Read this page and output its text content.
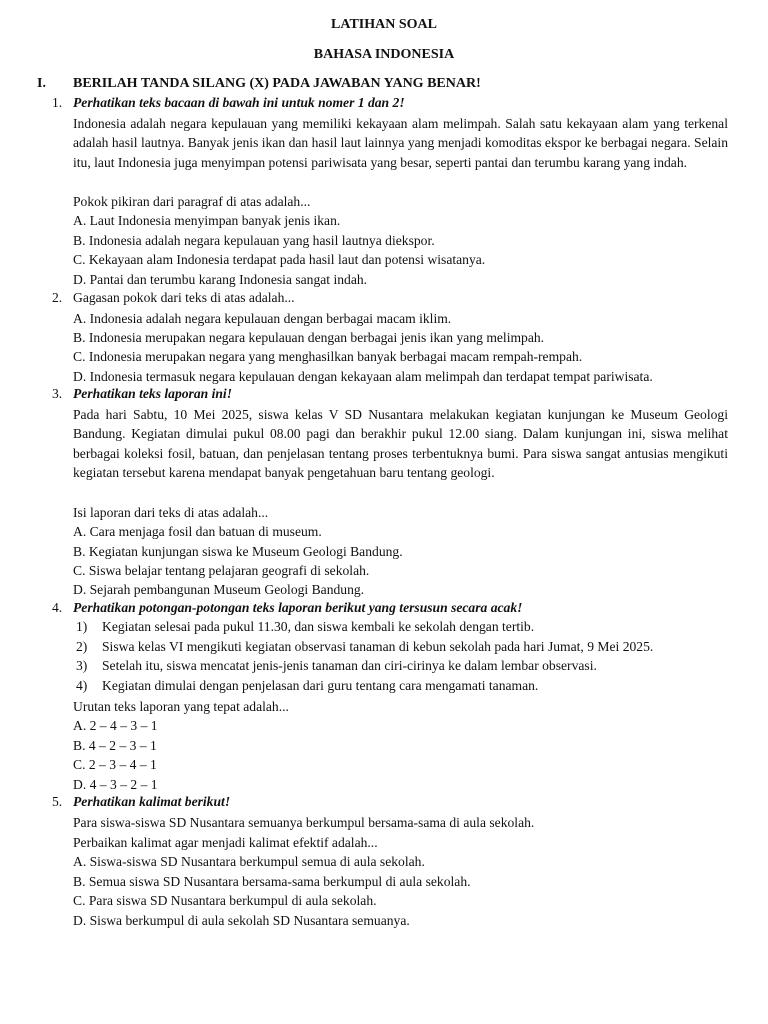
LATIHAN SOAL
BAHASA INDONESIA
I. BERILAH TANDA SILANG (X) PADA JAWABAN YANG BENAR!
1. Perhatikan teks bacaan di bawah ini untuk nomer 1 dan 2!
Indonesia adalah negara kepulauan yang memiliki kekayaan alam melimpah. Salah satu kekayaan alam yang terkenal adalah hasil lautnya. Banyak jenis ikan dan hasil laut lainnya yang menjadi komoditas ekspor ke berbagai negara. Selain itu, laut Indonesia juga menyimpan potensi pariwisata yang besar, seperti pantai dan terumbu karang yang indah.
Pokok pikiran dari paragraf di atas adalah...
A. Laut Indonesia menyimpan banyak jenis ikan.
B. Indonesia adalah negara kepulauan yang hasil lautnya diekspor.
C. Kekayaan alam Indonesia terdapat pada hasil laut dan potensi wisatanya.
D. Pantai dan terumbu karang Indonesia sangat indah.
2. Gagasan pokok dari teks di atas adalah...
A. Indonesia adalah negara kepulauan dengan berbagai macam iklim.
B. Indonesia merupakan negara kepulauan dengan berbagai jenis ikan yang melimpah.
C. Indonesia merupakan negara yang menghasilkan banyak berbagai macam rempah-rempah.
D. Indonesia termasuk negara kepulauan dengan kekayaan alam melimpah dan terdapat tempat pariwisata.
3. Perhatikan teks laporan ini!
Pada hari Sabtu, 10 Mei 2025, siswa kelas V SD Nusantara melakukan kegiatan kunjungan ke Museum Geologi Bandung. Kegiatan dimulai pukul 08.00 pagi dan berakhir pukul 12.00 siang. Dalam kunjungan ini, siswa melihat berbagai koleksi fosil, batuan, dan penjelasan tentang proses terbentuknya bumi. Para siswa sangat antusias mengikuti kegiatan tersebut karena mendapat banyak pengetahuan baru tentang geologi.
Isi laporan dari teks di atas adalah...
A. Cara menjaga fosil dan batuan di museum.
B. Kegiatan kunjungan siswa ke Museum Geologi Bandung.
C. Siswa belajar tentang pelajaran geografi di sekolah.
D. Sejarah pembangunan Museum Geologi Bandung.
4. Perhatikan potongan-potongan teks laporan berikut yang tersusun secara acak!
1) Kegiatan selesai pada pukul 11.30, dan siswa kembali ke sekolah dengan tertib.
2) Siswa kelas VI mengikuti kegiatan observasi tanaman di kebun sekolah pada hari Jumat, 9 Mei 2025.
3) Setelah itu, siswa mencatat jenis-jenis tanaman dan ciri-cirinya ke dalam lembar observasi.
4) Kegiatan dimulai dengan penjelasan dari guru tentang cara mengamati tanaman.
Urutan teks laporan yang tepat adalah...
A. 2 – 4 – 3 – 1
B. 4 – 2 – 3 – 1
C. 2 – 3 – 4 – 1
D. 4 – 3 – 2 – 1
5. Perhatikan kalimat berikut!
Para siswa-siswa SD Nusantara semuanya berkumpul bersama-sama di aula sekolah.
Perbaikan kalimat agar menjadi kalimat efektif adalah...
A. Siswa-siswa SD Nusantara berkumpul semua di aula sekolah.
B. Semua siswa SD Nusantara bersama-sama berkumpul di aula sekolah.
C. Para siswa SD Nusantara berkumpul di aula sekolah.
D. Siswa berkumpul di aula sekolah SD Nusantara semuanya.
